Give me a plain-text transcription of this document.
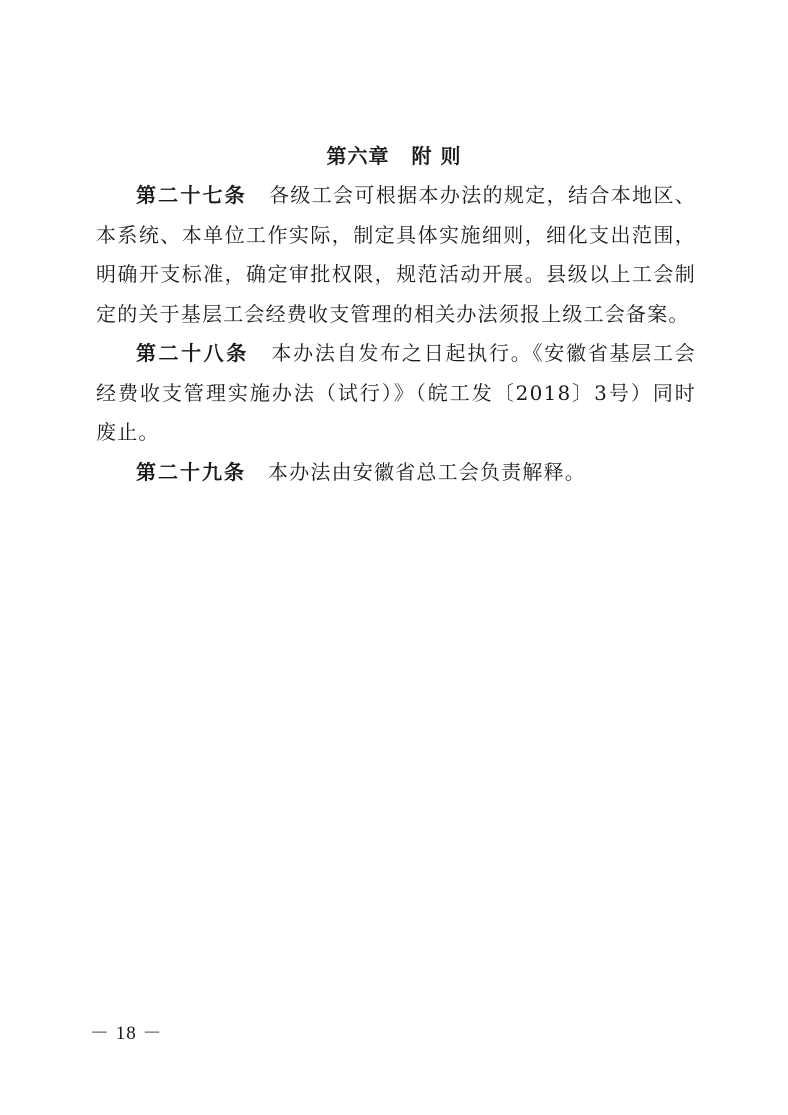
第六章 附 则

第二十七条 各级工会可根据本办法的规定，结合本地区、本系统、本单位工作实际，制定具体实施细则，细化支出范围，明确开支标准，确定审批权限，规范活动开展。县级以上工会制定的关于基层工会经费收支管理的相关办法须报上级工会备案。

第二十八条 本办法自发布之日起执行。《安徽省基层工会经费收支管理实施办法（试行）》（皖工发〔2018〕3号）同时废止。

第二十九条 本办法由安徽省总工会负责解释。

－ 18 －
